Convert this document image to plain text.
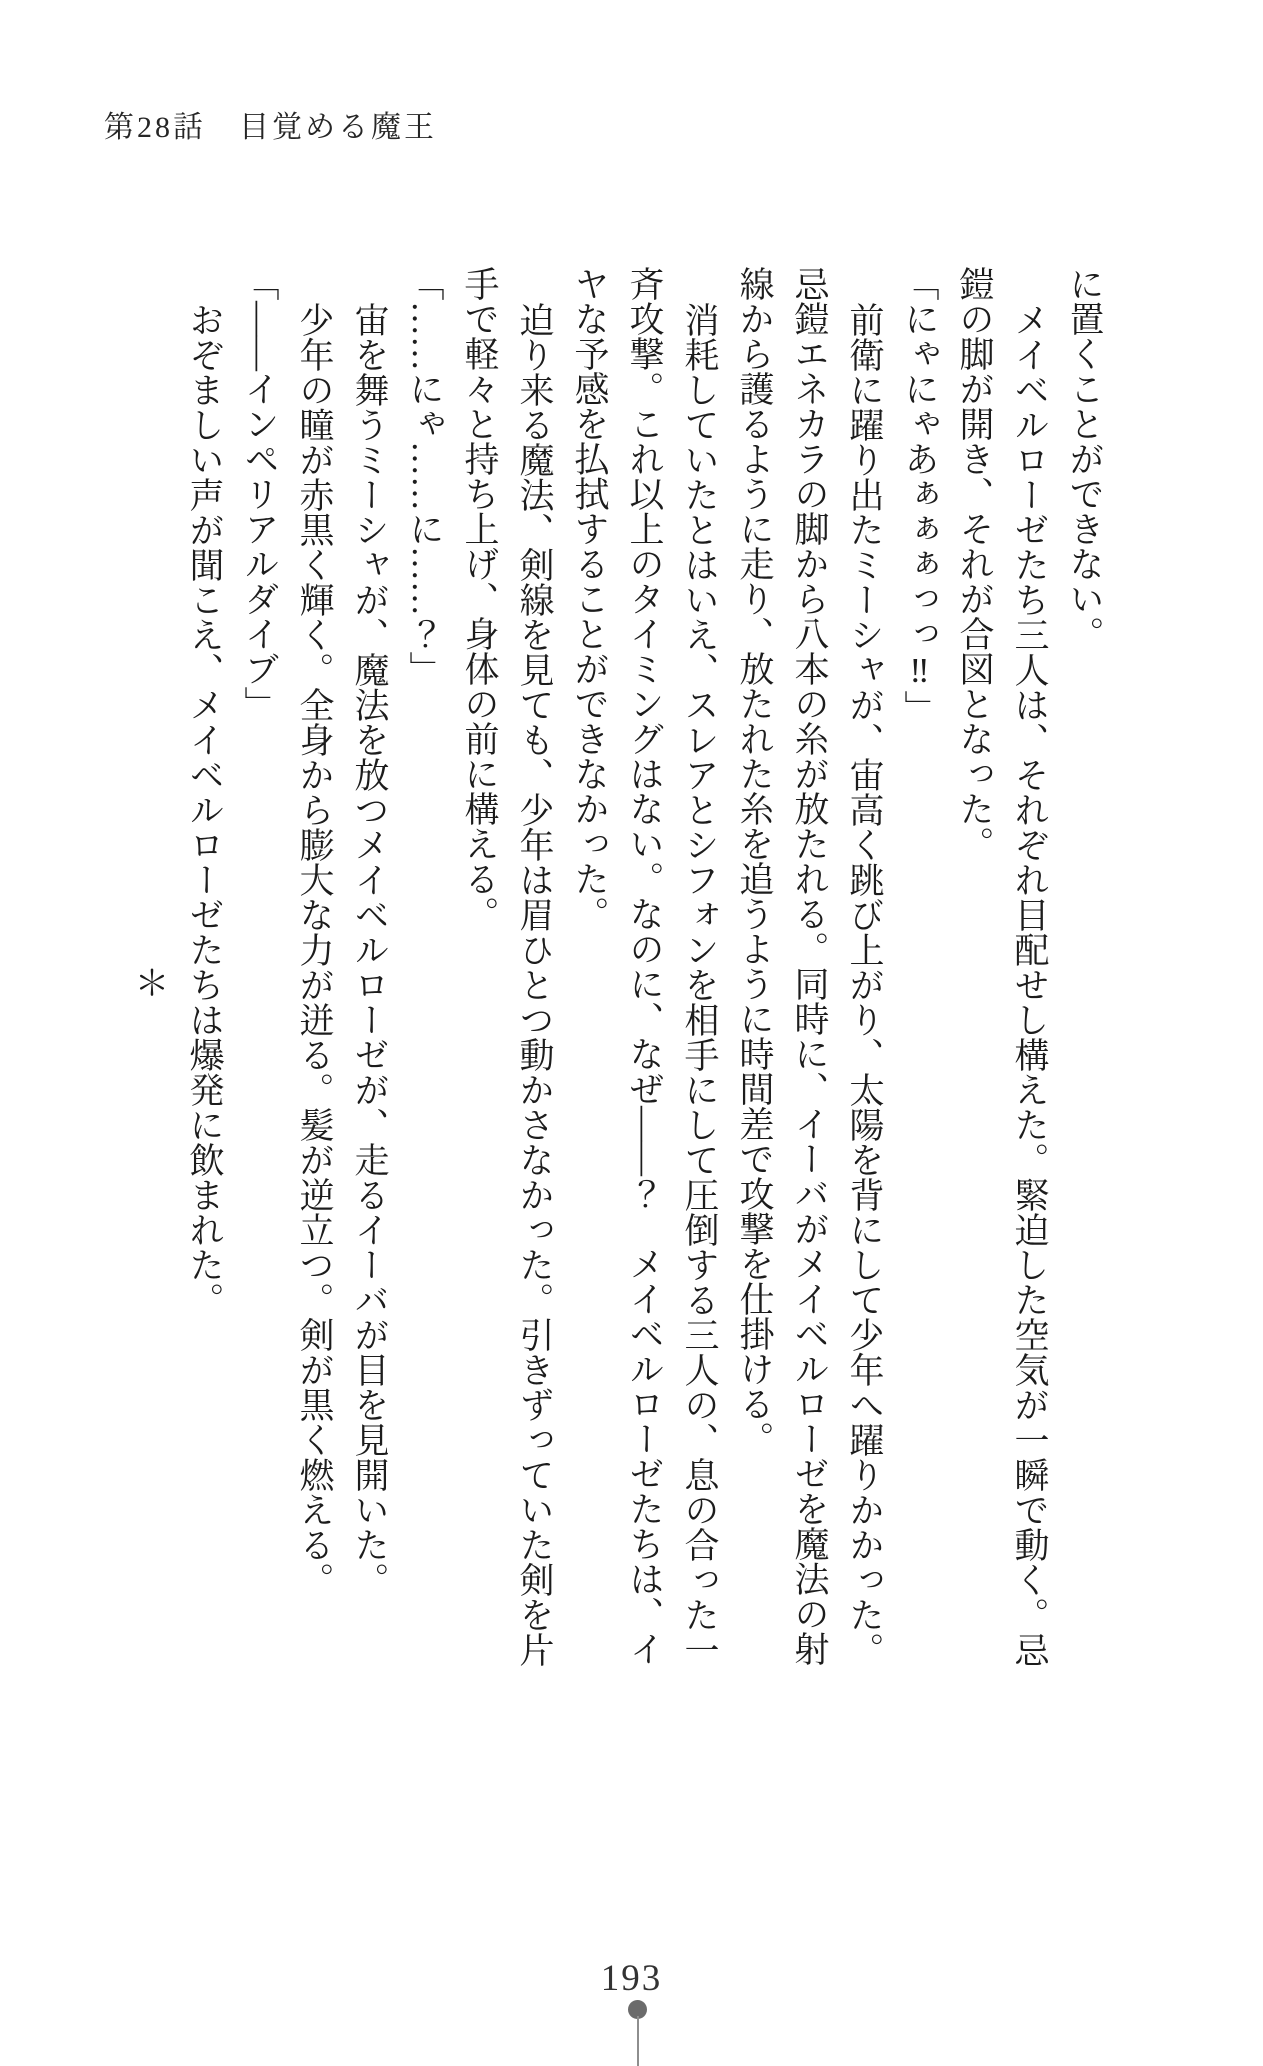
第28話　目覚める魔王

に置くことができない。

メイベルローゼたち三人は、それぞれ目配せし構えた。緊迫した空気が一瞬で動く。忌

鎧の脚が開き、それが合図となった。

「にゃにゃあぁぁぁっっ‼」

前衛に躍り出たミーシャが、宙高く跳び上がり、太陽を背にして少年へ躍りかかった。

忌鎧エネカラの脚から八本の糸が放たれる。同時に、イーバがメイベルローゼを魔法の射

線から護るように走り、放たれた糸を追うように時間差で攻撃を仕掛ける。

消耗していたとはいえ、スレアとシフォンを相手にして圧倒する三人の、息の合った一

斉攻撃。これ以上のタイミングはない。なのに、なぜ――？　メイベルローゼたちは、イ

ヤな予感を払拭することができなかった。

迫り来る魔法、剣線を見ても、少年は眉ひとつ動かさなかった。引きずっていた剣を片

手で軽々と持ち上げ、身体の前に構える。

「……にゃ……に……？」

宙を舞うミーシャが、魔法を放つメイベルローゼが、走るイーバが目を見開いた。

少年の瞳が赤黒く輝く。全身から膨大な力が迸る。髪が逆立つ。剣が黒く燃える。

「――インペリアルダイブ」

おぞましい声が聞こえ、メイベルローゼたちは爆発に飲まれた。

＊

193
